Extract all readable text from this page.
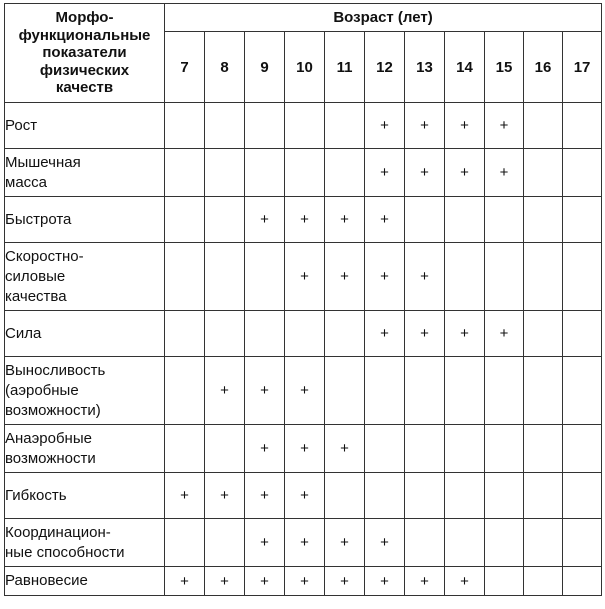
Морфо-
функциональные
показатели
физических
качеств	Возраст (лет)										
	7	8	9	10	11	12	13	14	15	16	17

Рост						+	+	+	+		

Мышечная
масса						+	+	+	+		

Быстрота			+	+	+	+					

Скоростно-
силовые
качества				+	+	+	+				

Сила						+	+	+	+		

Выносливость
(аэробные
возможности)		+	+	+							

Анаэробные
возможности			+	+	+						

Гибкость	+	+	+	+							

Координацион-
ные способности			+	+	+	+					

Равновесие	+	+	+	+	+	+	+	+			
